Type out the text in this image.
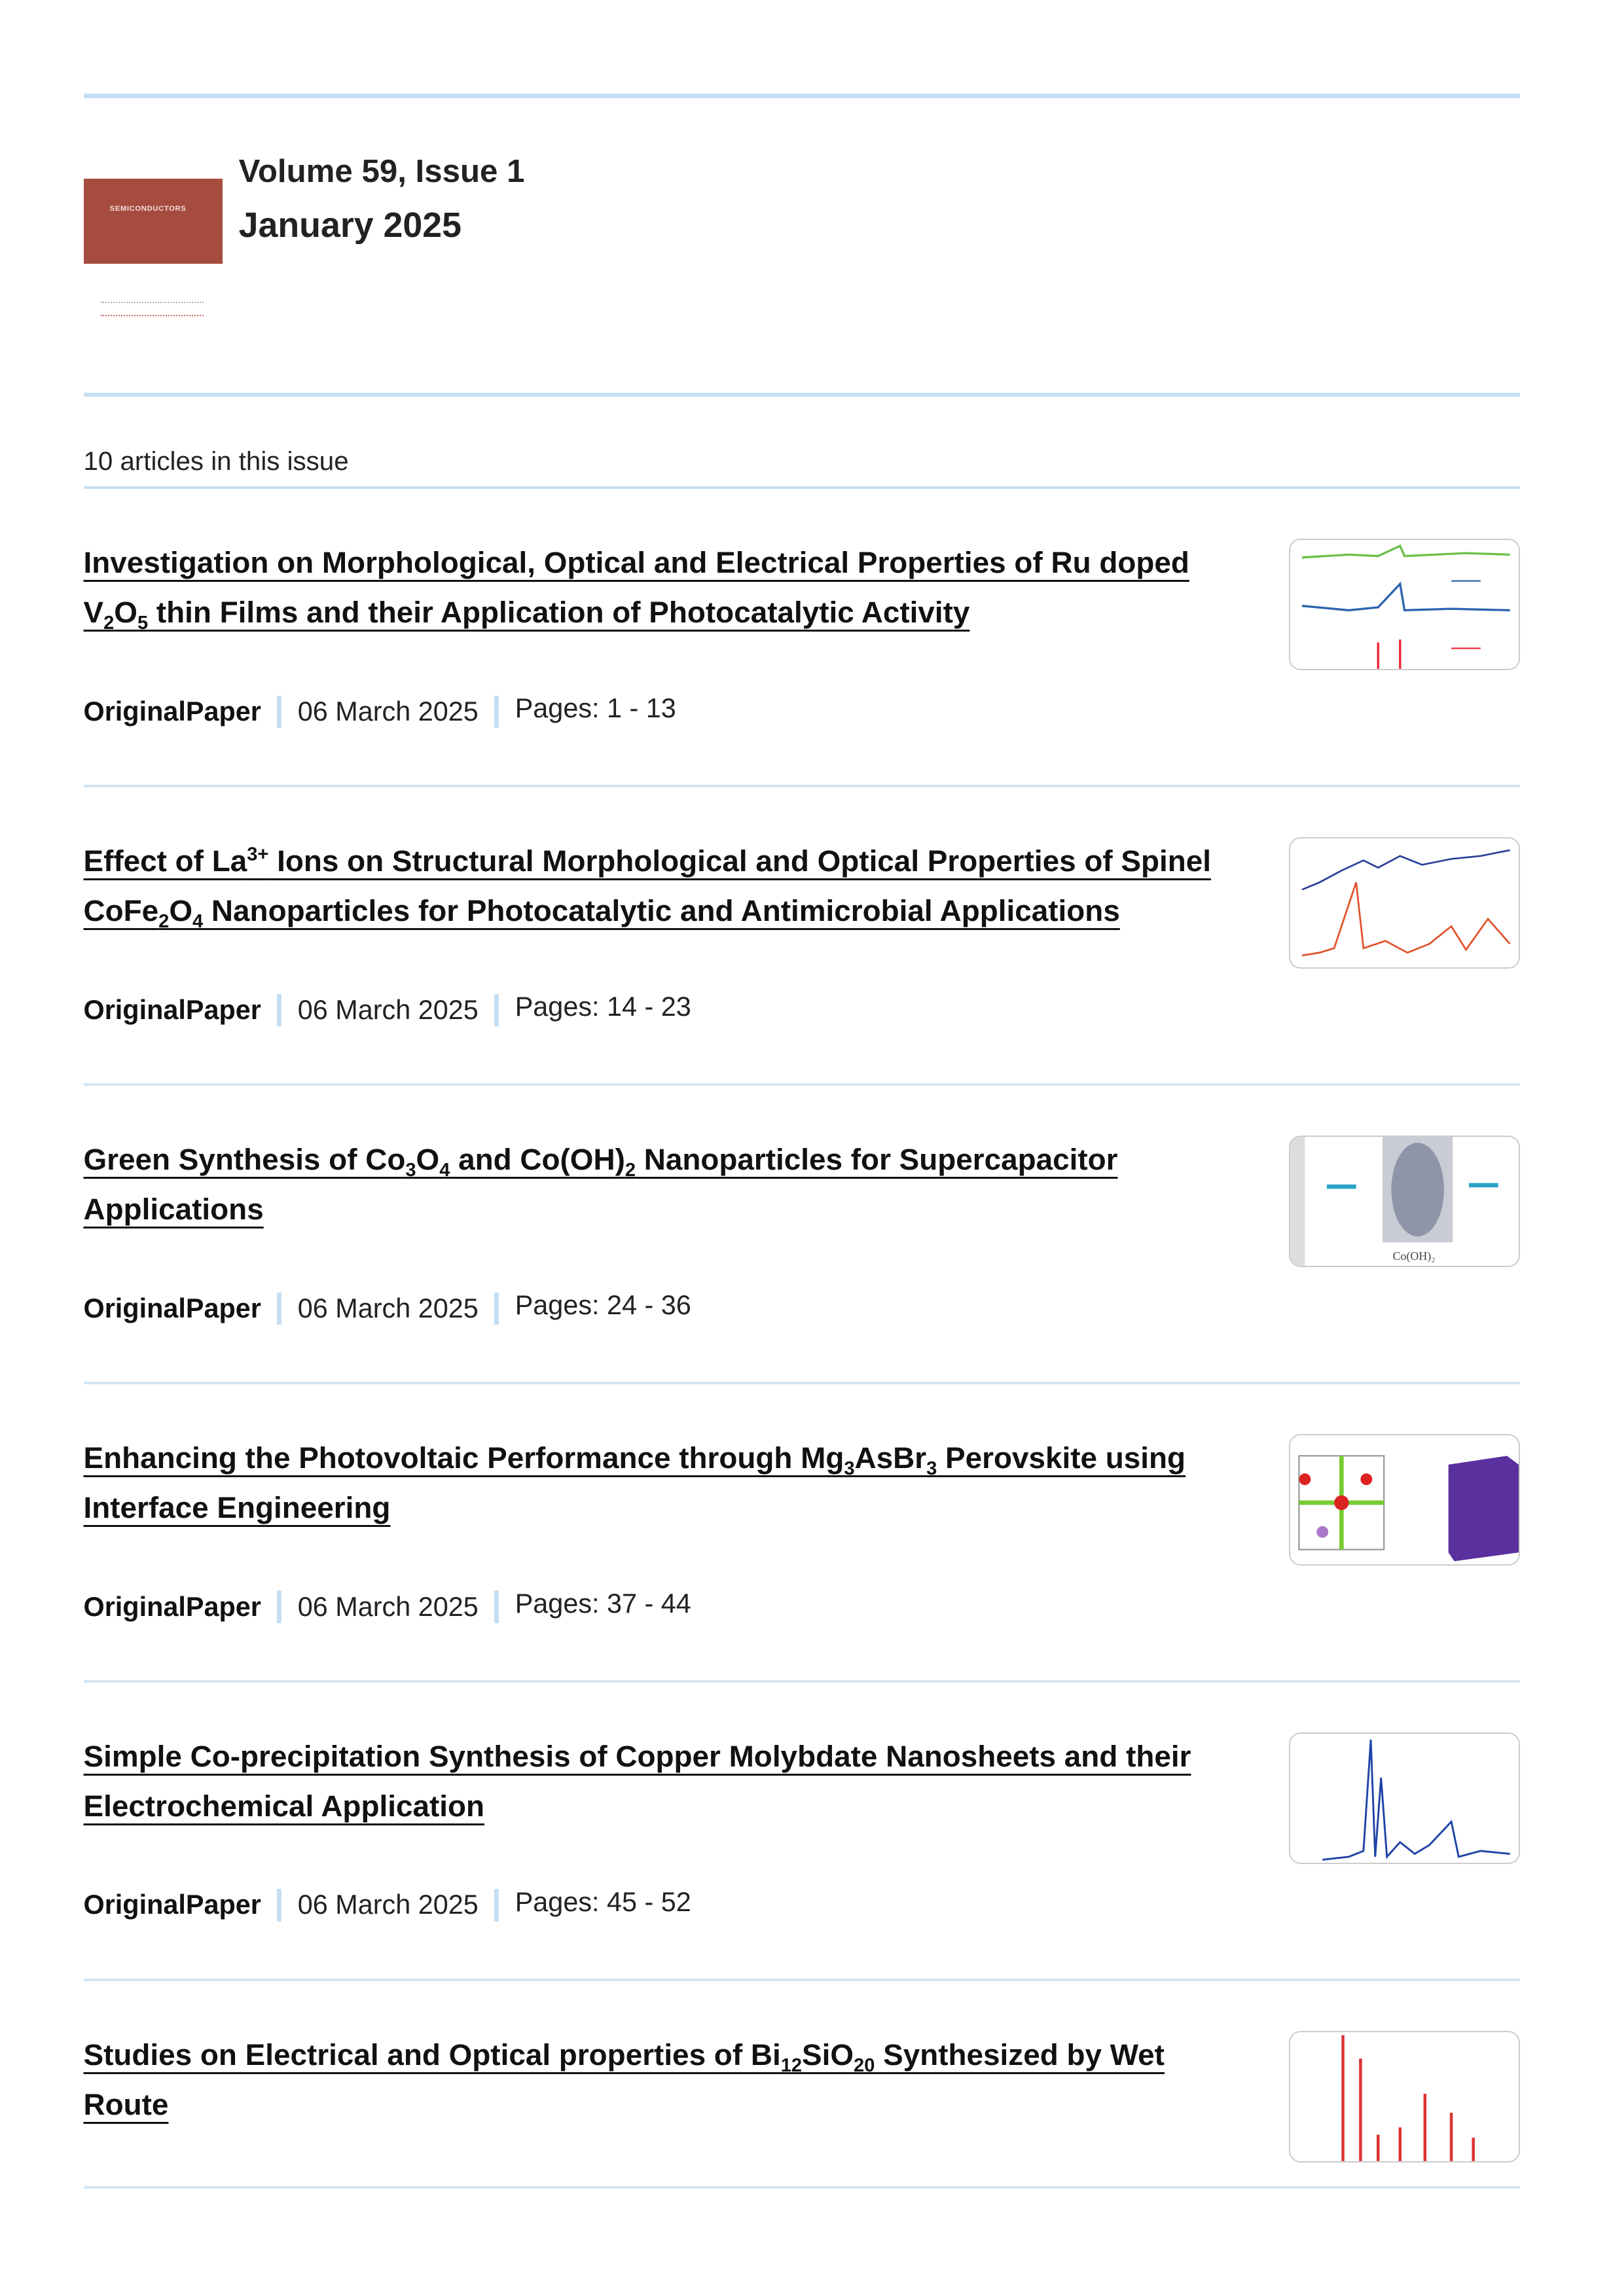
SEMICONDUCTORS
Volume 59, Issue 1
January 2025
10 articles in this issue
Investigation on Morphological, Optical and Electrical Properties of Ru doped $V_2O_5$ thin Films and their Application of Photocatalytic Activity
OriginalPaper	06 March 2025	Pages: 1 - 13
Effect of $La^{3+}$ Ions on Structural Morphological and Optical Properties of Spinel $CoFe_2O_4$ Nanoparticles for Photocatalytic and Antimicrobial Applications
OriginalPaper	06 March 2025	Pages: 14 - 23
Green Synthesis of $Co_3O_4$ and $Co(OH)_2$ Nanoparticles for Supercapacitor Applications
OriginalPaper	06 March 2025	Pages: 24 - 36
Co(OH)₂
Enhancing the Photovoltaic Performance through $Mg_3AsBr_3$ Perovskite using Interface Engineering
OriginalPaper	06 March 2025	Pages: 37 - 44
Simple Co-precipitation Synthesis of Copper Molybdate Nanosheets and their Electrochemical Application
OriginalPaper	06 March 2025	Pages: 45 - 52
Studies on Electrical and Optical properties of $Bi_{12}SiO_{20}$ Synthesized by Wet Route
